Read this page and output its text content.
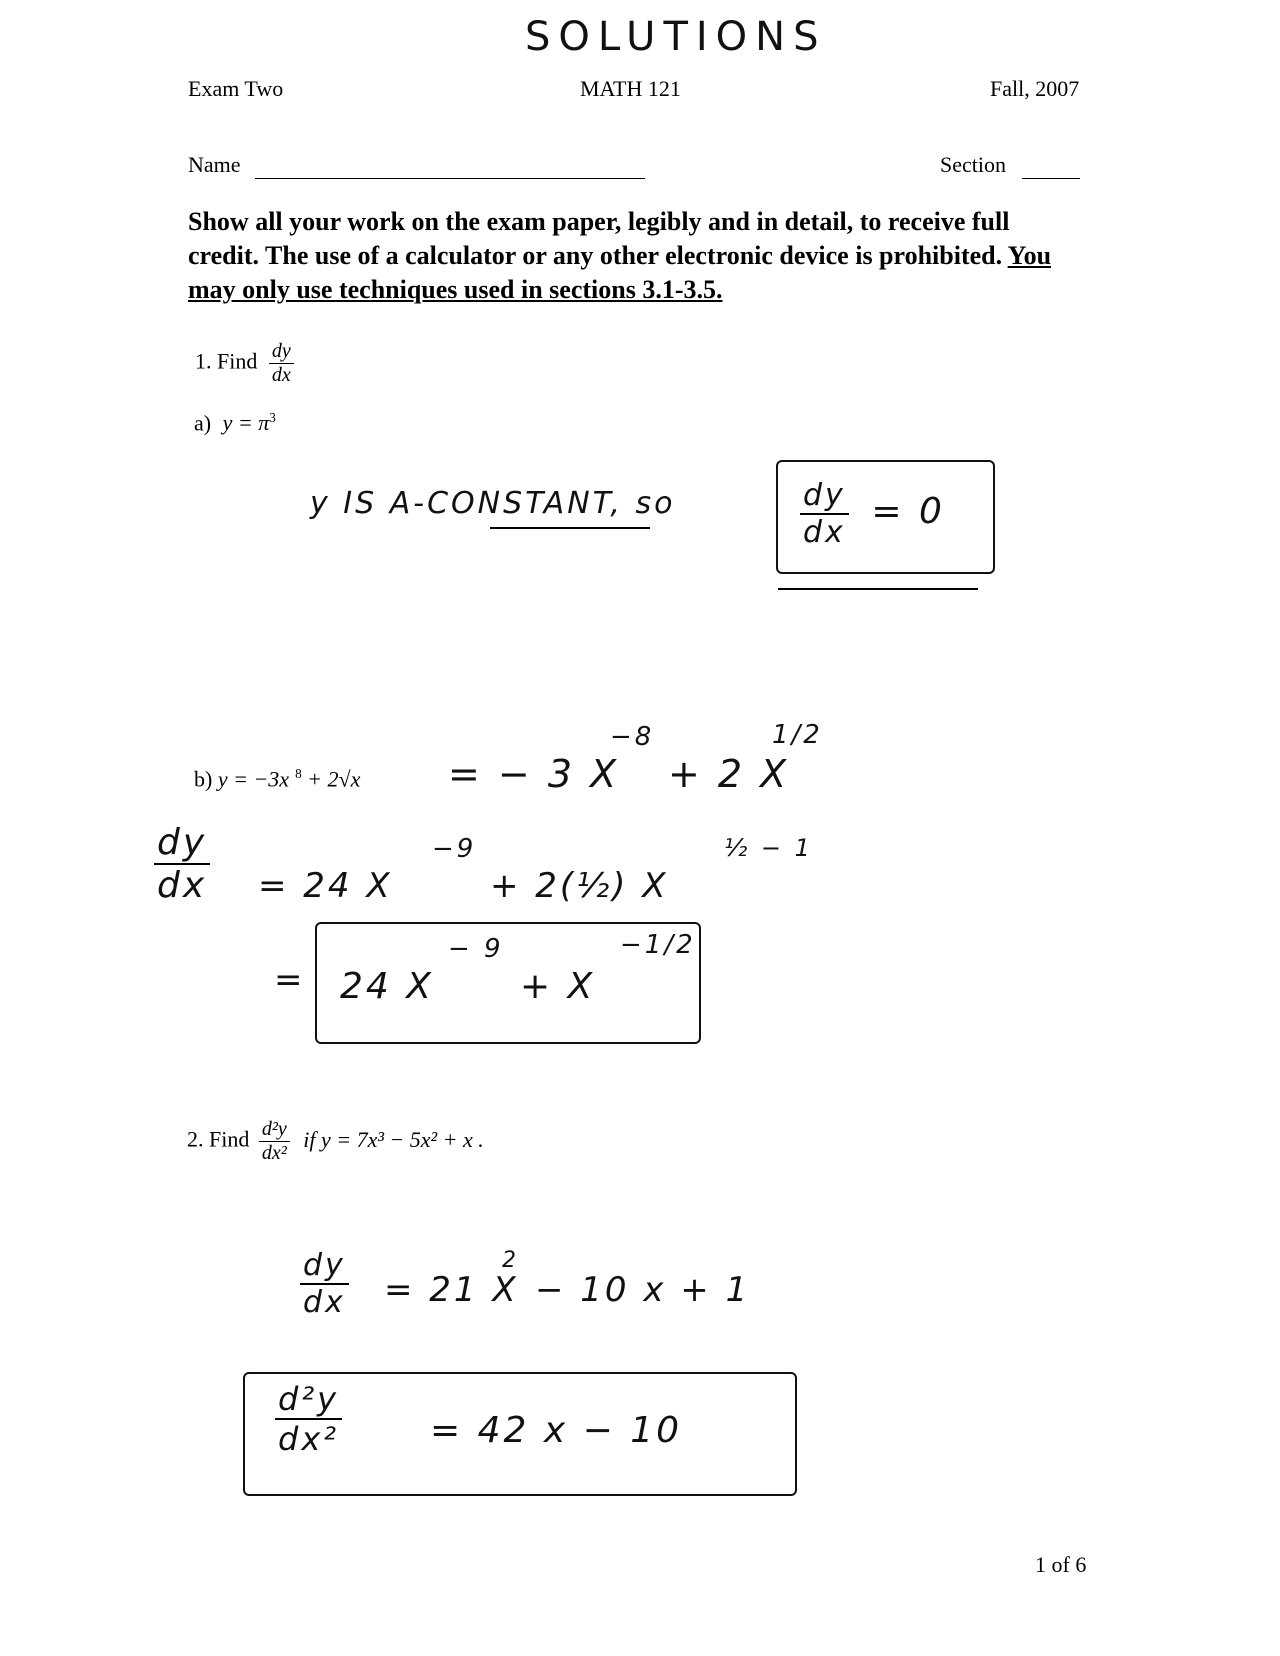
SOLUTIONS
Exam Two	MATH 121	Fall, 2007
Name	Section
Show all your work on the exam paper, legibly and in detail, to receive full credit. The use of a calculator or any other electronic device is prohibited. You may only use techniques used in sections 3.1-3.5.
1. Find $\frac{dy}{dx}$
a) $y = \pi^3$
y IS A-CONSTANT, so	$\frac{dy}{dx} = 0$
b) y = −3x $^8$ + 2√x = − 3 X
−8
+ 2 X
1/2
$\frac{dy}{dx} = 24$ X
−9
+ 2(½) X
½ − 1
= 24 X
− 9
+ X
−1/2
2. Find $\frac{\text{d²y}}{\text{dx²}}$ if y = 7x³ − 5x² + x .
$\frac{dy}{dx} = 21$ X
2
− 10 x + 1
$\frac{\text{d²y}}{\text{dx²}} = 42$ x − 10
1 of 6
